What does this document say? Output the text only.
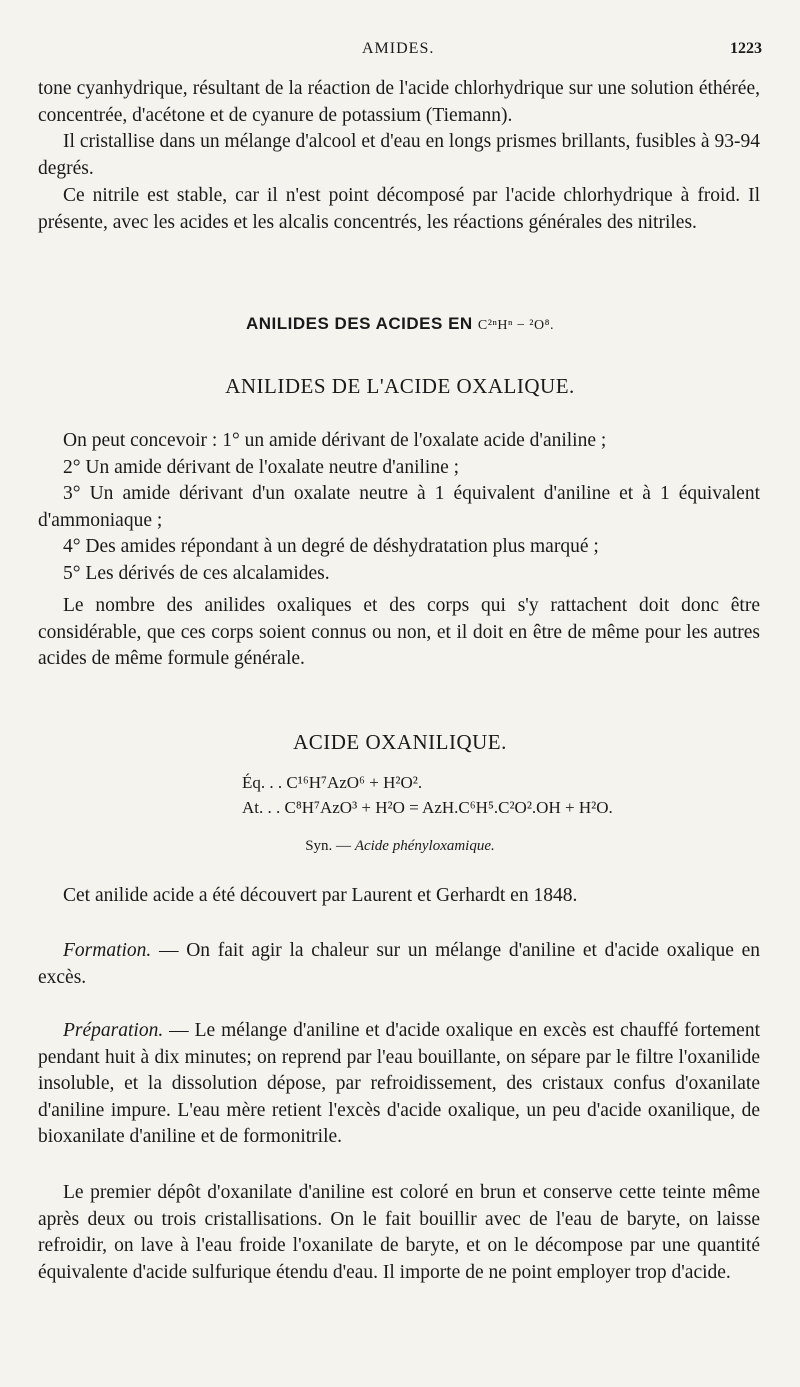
AMIDES.	1223

tone cyanhydrique, résultant de la réaction de l'acide chlorhydrique sur une solution éthérée, concentrée, d'acétone et de cyanure de potassium (Tiemann).

Il cristallise dans un mélange d'alcool et d'eau en longs prismes brillants, fusibles à 93-94 degrés.

Ce nitrile est stable, car il n'est point décomposé par l'acide chlorhydrique à froid. Il présente, avec les acides et les alcalis concentrés, les réactions générales des nitriles.

ANILIDES DES ACIDES EN C²ⁿHⁿ − ²O⁸.
ANILIDES DE L'ACIDE OXALIQUE.

On peut concevoir : 1° un amide dérivant de l'oxalate acide d'aniline ;

2° Un amide dérivant de l'oxalate neutre d'aniline ;

3° Un amide dérivant d'un oxalate neutre à 1 équivalent d'aniline et à 1 équivalent d'ammoniaque ;

4° Des amides répondant à un degré de déshydratation plus marqué ;

5° Les dérivés de ces alcalamides.

Le nombre des anilides oxaliques et des corps qui s'y rattachent doit donc être considérable, que ces corps soient connus ou non, et il doit en être de même pour les autres acides de même formule générale.

ACIDE OXANILIQUE.
Éq. . . C¹⁶H⁷AzO⁶ + H²O².
At. . . C⁸H⁷AzO³ + H²O = AzH.C⁶H⁵.C²O².OH + H²O.
Syn. — Acide phényloxamique.

Cet anilide acide a été découvert par Laurent et Gerhardt en 1848.

Formation. — On fait agir la chaleur sur un mélange d'aniline et d'acide oxalique en excès.

Préparation. — Le mélange d'aniline et d'acide oxalique en excès est chauffé fortement pendant huit à dix minutes; on reprend par l'eau bouillante, on sépare par le filtre l'oxanilide insoluble, et la dissolution dépose, par refroidissement, des cristaux confus d'oxanilate d'aniline impure. L'eau mère retient l'excès d'acide oxalique, un peu d'acide oxanilique, de bioxanilate d'aniline et de formonitrile.

Le premier dépôt d'oxanilate d'aniline est coloré en brun et conserve cette teinte même après deux ou trois cristallisations. On le fait bouillir avec de l'eau de baryte, on laisse refroidir, on lave à l'eau froide l'oxanilate de baryte, et on le décompose par une quantité équivalente d'acide sulfurique étendu d'eau. Il importe de ne point employer trop d'acide.
